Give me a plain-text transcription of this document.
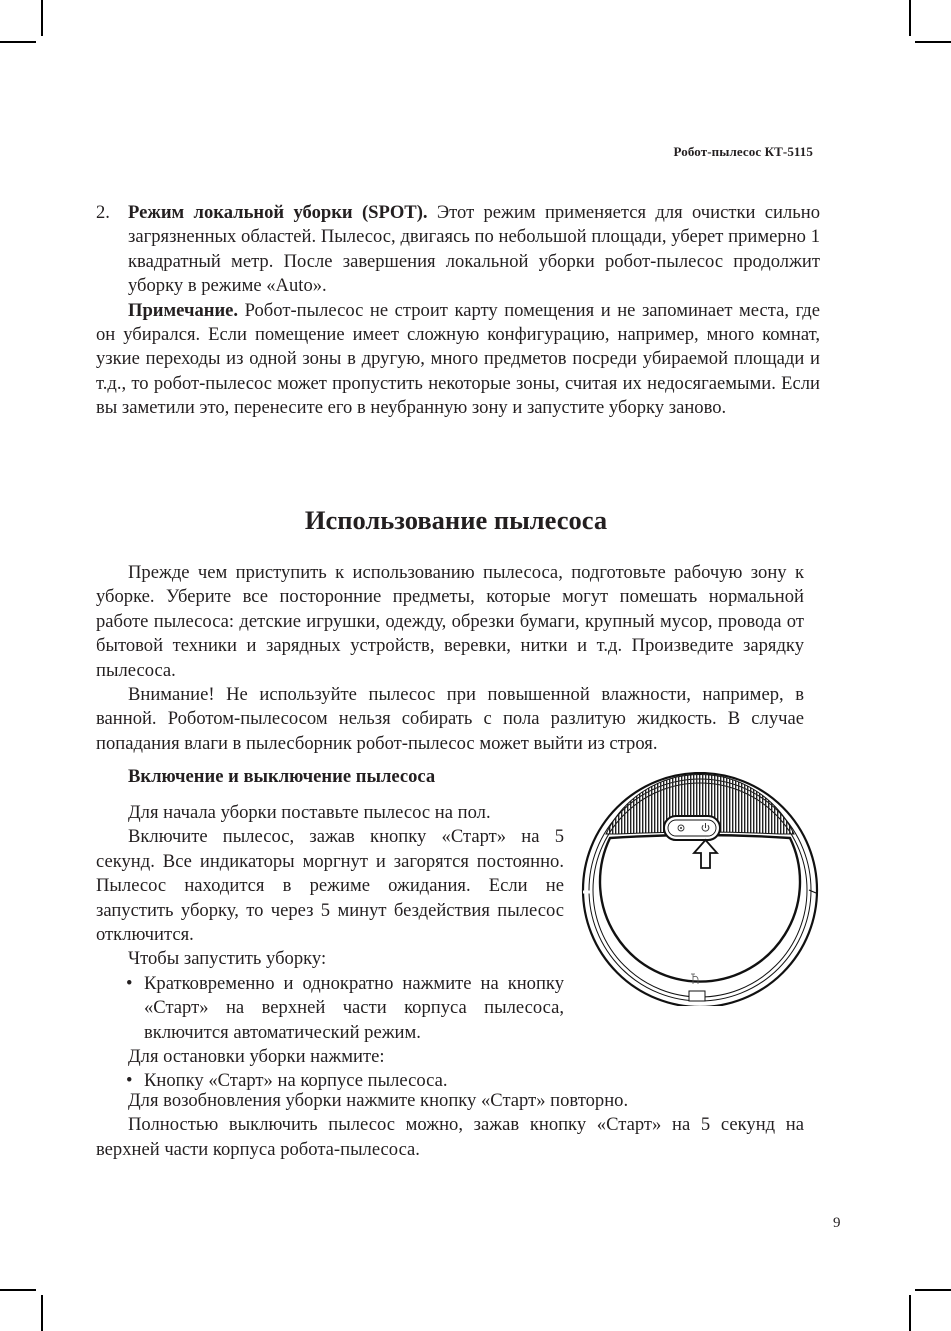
Робот-пылесос КТ-5115

2. Режим локальной уборки (SPOT). Этот режим применяется для очистки сильно загрязненных областей. Пылесос, двигаясь по небольшой площади, уберет примерно 1 квадратный метр. После завершения локальной уборки робот-пылесос продолжит уборку в режиме «Auto».

Примечание. Робот-пылесос не строит карту помещения и не запоминает места, где он убирался. Если помещение имеет сложную конфигурацию, например, много комнат, узкие переходы из одной зоны в другую, много предметов посреди убираемой площади и т.д., то робот-пылесос может пропустить некоторые зоны, считая их недосягаемыми. Если вы заметили это, перенесите его в неубранную зону и запустите уборку заново.

Использование пылесоса

Прежде чем приступить к использованию пылесоса, подготовьте рабочую зону к уборке. Уберите все посторонние предметы, которые могут помешать нормальной работе пылесоса: детские игрушки, одежду, обрезки бумаги, крупный мусор, провода от бытовой техники и зарядных устройств, веревки, нитки и т.д. Произведите зарядку пылесоса.

Внимание! Не используйте пылесос при повышенной влажности, например, в ванной. Роботом-пылесосом нельзя собирать с пола разлитую жидкость. В случае попадания влаги в пылесборник робот-пылесос может выйти из строя.

Включение и выключение пылесоса

Для начала уборки поставьте пылесос на пол.

Включите пылесос, зажав кнопку «Старт» на 5 секунд. Все индикаторы моргнут и загорятся постоянно. Пылесос находится в режиме ожидания. Если не запустить уборку, то через 5 минут бездействия пылесос отключится.

Чтобы запустить уборку:

• Кратковременно и однократно нажмите на кнопку «Старт» на верхней части корпуса пылесоса, включится автоматический режим.

Для остановки уборки нажмите:

• Кнопку «Старт» на корпусе пылесоса.

Для возобновления уборки нажмите кнопку «Старт» повторно.

Полностью выключить пылесос можно, зажав кнопку «Старт» на 5 секунд на верхней части корпуса робота-пылесоса.

9
